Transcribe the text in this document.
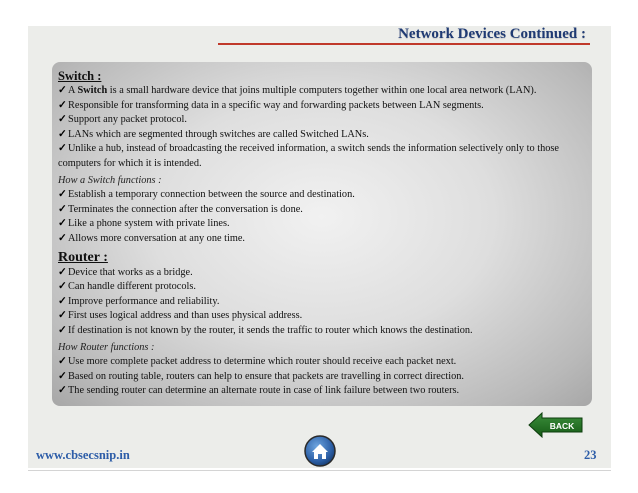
Network Devices Continued :
Switch :
✓A Switch is a small hardware device that joins multiple computers together within one local area network (LAN).
✓Responsible for transforming data in a specific way and forwarding packets between LAN segments.
✓Support any packet protocol.
✓LANs which are segmented through switches are called Switched LANs.
✓Unlike a hub, instead of broadcasting the received information, a switch sends the information selectively only to those computers for which it is intended.
How a Switch functions :
✓Establish a temporary connection between the source and destination.
✓Terminates the connection after the conversation is done.
✓Like a phone system with private lines.
✓Allows more conversation at any one time.
Router :
✓Device that works as a bridge.
✓Can handle different protocols.
✓Improve performance and reliability.
✓First uses logical address and than uses physical address.
✓If destination is not known by the router, it sends the traffic to router which knows the destination.
How Router functions :
✓Use more complete packet address to determine which router should receive each packet next.
✓Based on routing table, routers can help to ensure that packets are travelling in correct direction.
✓The sending router can determine an alternate route in case of link failure between two routers.
BACK
www.cbsecsnip.in	23
